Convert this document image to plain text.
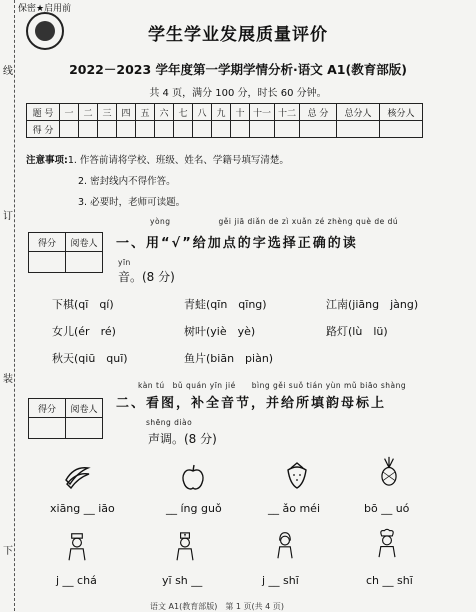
线
订
装
下
保密★启用前
学生学业发展质量评价
2022－2023 学年度第一学期学情分析·语文 A1(教育部版)
共 4 页，满分 100 分，时长 60 分钟。
题 号	一	二	三	四	五	六	七	八	九	十	十一	十二	总 分	总分人	核分人
得 分															
注意事项:1. 作答前请将学校、班级、姓名、学籍号填写清楚。
2. 密封线内不得作答。
3. 必要时，老师可读题。
得分	阅卷人

yòng　　　　　　gěi jiā diǎn de zì xuǎn zé zhèng què de dú
一、用“√”给加点的字选择正确的读
yīn
音。(8 分)
下棋(qī　qí)	青蛙(qīn　qīng)	江南(jiāng　jàng)
女儿(ér　ré)	树叶(yiè　yè)	路灯(lù　lü)
秋天(qiū　quī)	鱼片(biān　piàn)
得分	阅卷人

kàn tú　bǔ quán yīn jié　　bìng gěi suǒ tián yùn mǔ biāo shàng
二、看图，补全音节，并给所填韵母标上
shēng diào
声调。(8 分)
xiāng __ iāo	__ íng guǒ	__ ǎo méi	bō __ uó
j __ chá	yī sh __	j __ shī	ch __ shī
语文 A1(教育部版)　第 1 页(共 4 页)
